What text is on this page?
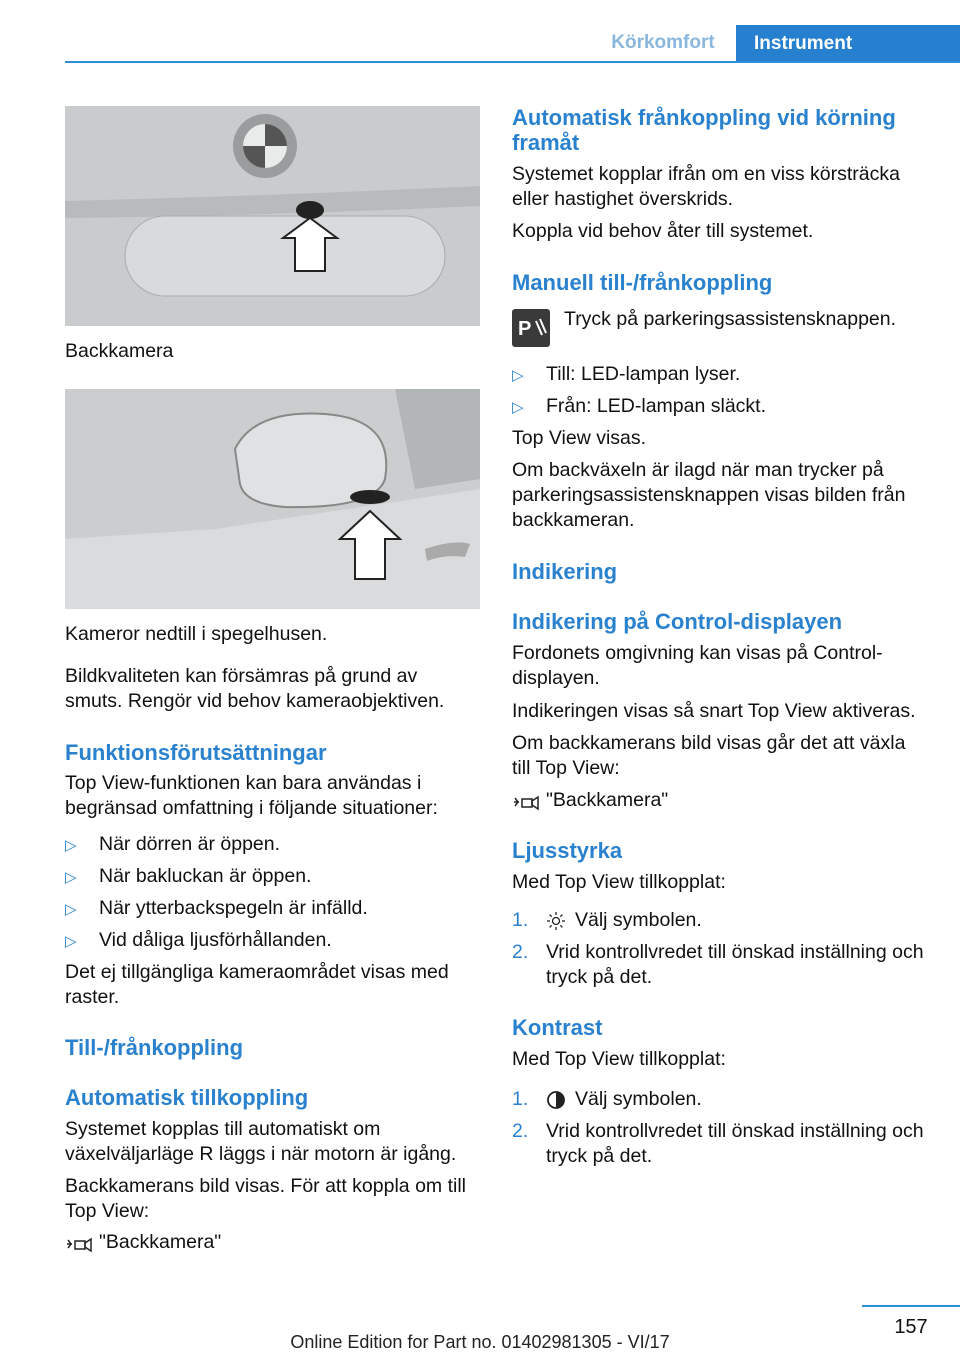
Körkomfort	Instrument
Backkamera
Kameror nedtill i spegelhusen.
Bildkvaliteten kan försämras på grund av smuts. Rengör vid behov kameraobjektiven.
Funktionsförutsättningar
Top View-funktionen kan bara användas i begränsad omfattning i följande situationer:
▷ När dörren är öppen.
▷ När bakluckan är öppen.
▷ När ytterbackspegeln är infälld.
▷ Vid dåliga ljusförhållanden.
Det ej tillgängliga kameraområdet visas med raster.
Till-/frånkoppling
Automatisk tillkoppling
Systemet kopplas till automatiskt om växelväljarläge R läggs i när motorn är igång.
Backkamerans bild visas. För att koppla om till Top View:
"Backkamera"
Automatisk frånkoppling vid körning framåt
Systemet kopplar ifrån om en viss körsträcka eller hastighet överskrids.
Koppla vid behov åter till systemet.
Manuell till-/frånkoppling
P Tryck på parkeringsassistensknappen.
▷ Till: LED-lampan lyser.
▷ Från: LED-lampan släckt.
Top View visas.
Om backväxeln är ilagd när man trycker på parkeringsassistensknappen visas bilden från backkameran.
Indikering
Indikering på Control-displayen
Fordonets omgivning kan visas på Control-displayen.
Indikeringen visas så snart Top View aktiveras.
Om backkamerans bild visas går det att växla till Top View:
"Backkamera"
Ljusstyrka
Med Top View tillkopplat:
1. Välj symbolen.
2. Vrid kontrollvredet till önskad inställning och tryck på det.
Kontrast
Med Top View tillkopplat:
1. Välj symbolen.
2. Vrid kontrollvredet till önskad inställning och tryck på det.
157
Online Edition for Part no. 01402981305 - VI/17
